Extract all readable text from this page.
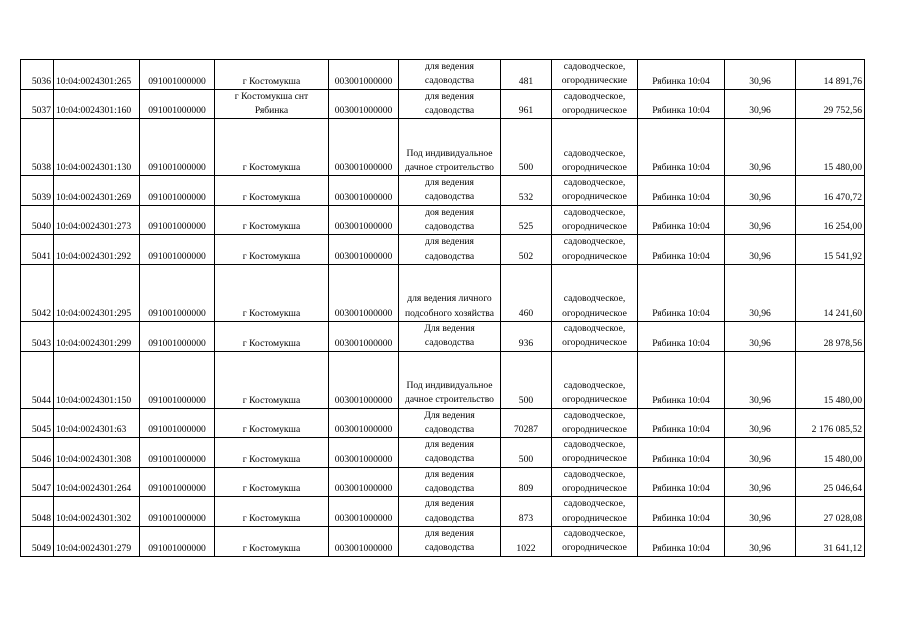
5036	10:04:0024301:265	091001000000	г Костомукша	003001000000	для ведения садоводства	481	садоводческое, огороднические	Рябинка 10:04	30,96	14 891,76
5037	10:04:0024301:160	091001000000	г Костомукша снт Рябинка	003001000000	для ведения садоводства	961	садоводческое, огородническое	Рябинка 10:04	30,96	29 752,56
5038	10:04:0024301:130	091001000000	г Костомукша	003001000000	Под индивидуальное дачное строительство	500	садоводческое, огородническое	Рябинка 10:04	30,96	15 480,00
5039	10:04:0024301:269	091001000000	г Костомукша	003001000000	для ведения садоводства	532	садоводческое, огородническое	Рябинка 10:04	30,96	16 470,72
5040	10:04:0024301:273	091001000000	г Костомукша	003001000000	доя ведения садоводства	525	садоводческое, огородническое	Рябинка 10:04	30,96	16 254,00
5041	10:04:0024301:292	091001000000	г Костомукша	003001000000	для ведения садоводства	502	садоводческое, огородническое	Рябинка 10:04	30,96	15 541,92
5042	10:04:0024301:295	091001000000	г Костомукша	003001000000	для ведения личного подсобного хозяйства	460	садоводческое, огородническое	Рябинка 10:04	30,96	14 241,60
5043	10:04:0024301:299	091001000000	г Костомукша	003001000000	Для ведения садоводства	936	садоводческое, огородническое	Рябинка 10:04	30,96	28 978,56
5044	10:04:0024301:150	091001000000	г Костомукша	003001000000	Под индивидуальное дачное строительство	500	садоводческое, огородническое	Рябинка 10:04	30,96	15 480,00
5045	10:04:0024301:63	091001000000	г Костомукша	003001000000	Для ведения садоводства	70287	садоводческое, огородническое	Рябинка 10:04	30,96	2 176 085,52
5046	10:04:0024301:308	091001000000	г Костомукша	003001000000	для ведения садоводства	500	садоводческое, огородническое	Рябинка 10:04	30,96	15 480,00
5047	10:04:0024301:264	091001000000	г Костомукша	003001000000	для ведения садоводства	809	садоводческое, огородническое	Рябинка 10:04	30,96	25 046,64
5048	10:04:0024301:302	091001000000	г Костомукша	003001000000	для ведения садоводства	873	садоводческое, огородническое	Рябинка 10:04	30,96	27 028,08
5049	10:04:0024301:279	091001000000	г Костомукша	003001000000	для ведения садоводства	1022	садоводческое, огородническое	Рябинка 10:04	30,96	31 641,12
